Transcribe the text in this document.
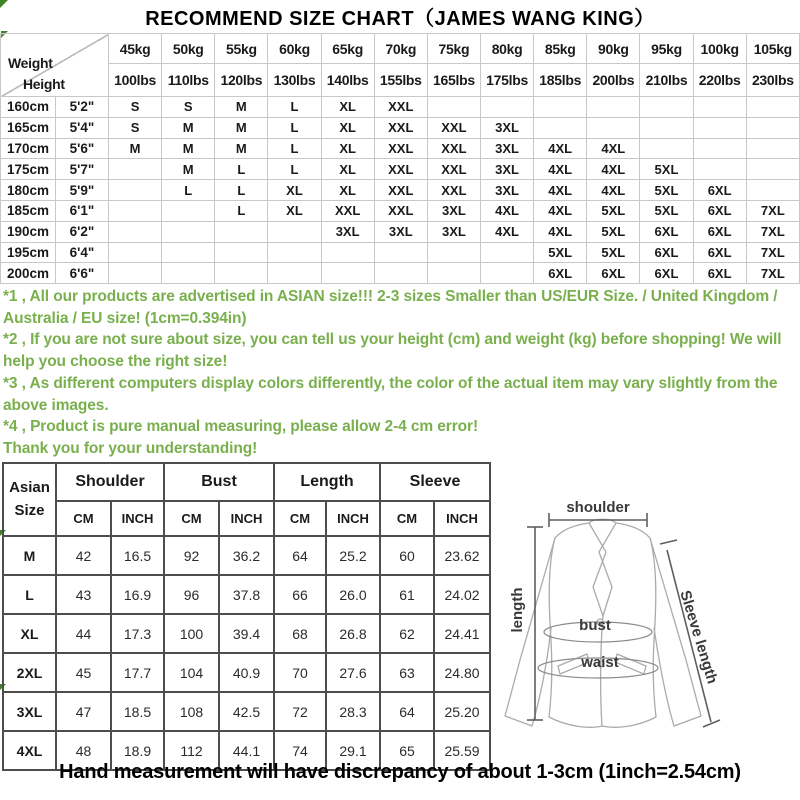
RECOMMEND SIZE CHART（JAMES WANG KING）
Weight
Height		45kg	50kg	55kg	60kg	65kg	70kg	75kg	80kg	85kg	90kg	95kg	100kg	105kg
		100lbs	110lbs	120lbs	130lbs	140lbs	155lbs	165lbs	175lbs	185lbs	200lbs	210lbs	220lbs	230lbs
160cm	5'2"	S	S	M	L	XL	XXL							
165cm	5'4"	S	M	M	L	XL	XXL	XXL	3XL					
170cm	5'6"	M	M	M	L	XL	XXL	XXL	3XL	4XL	4XL			
175cm	5'7"		M	L	L	XL	XXL	XXL	3XL	4XL	4XL	5XL		
180cm	5'9"		L	L	XL	XL	XXL	XXL	3XL	4XL	4XL	5XL	6XL	
185cm	6'1"			L	XL	XXL	XXL	3XL	4XL	4XL	5XL	5XL	6XL	7XL
190cm	6'2"					3XL	3XL	3XL	4XL	4XL	5XL	6XL	6XL	7XL
195cm	6'4"									5XL	5XL	6XL	6XL	7XL
200cm	6'6"									6XL	6XL	6XL	6XL	7XL

*1 , All our products are advertised in ASIAN size!!! 2-3 sizes Smaller than US/EUR Size. / United Kingdom / Australia / EU size! (1cm=0.394in)

*2 , If you are not sure about size, you can tell us your height (cm) and weight (kg) before shopping! We will help you choose the right size!

*3 , As different computers display colors differently, the color of the actual item may vary slightly from the above images.

*4 , Product is pure manual measuring, please allow 2-4 cm error!

Thank you for your understanding!

Asian
Size	Shoulder		Bust		Length		Sleeve	
	CM	INCH	CM	INCH	CM	INCH	CM	INCH
M	42	16.5	92	36.2	64	25.2	60	23.62
L	43	16.9	96	37.8	66	26.0	61	24.02
XL	44	17.3	100	39.4	68	26.8	62	24.41
2XL	45	17.7	104	40.9	70	27.6	63	24.80
3XL	47	18.5	108	42.5	72	28.3	64	25.20
4XL	48	18.9	112	44.1	74	29.1	65	25.59
shoulder
length	bust
waist	Sleeve length
Hand measurement will have discrepancy of about 1-3cm (1inch=2.54cm)
